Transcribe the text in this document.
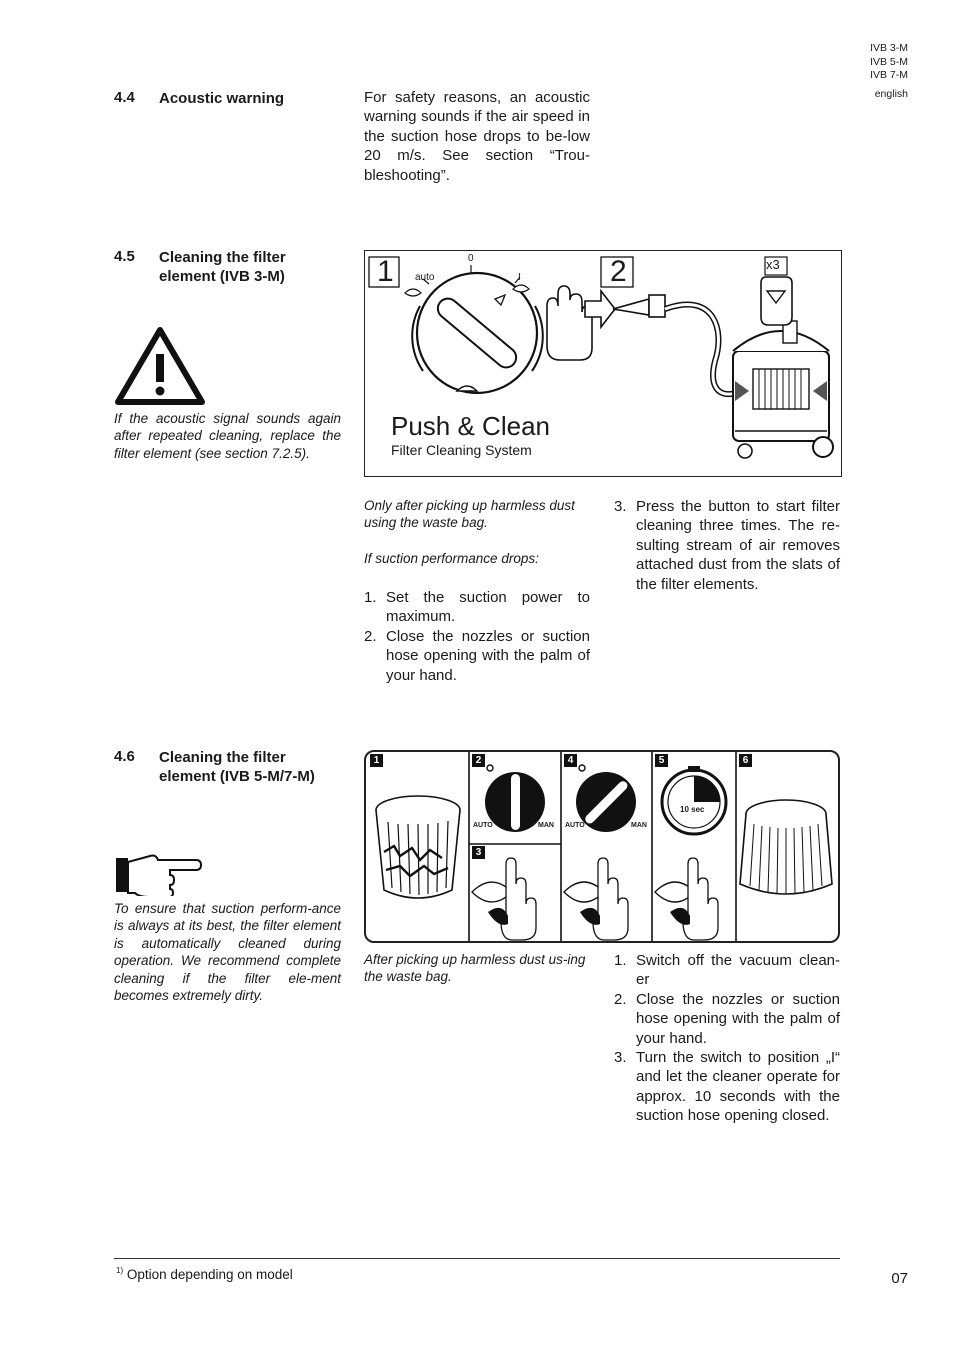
IVB 3-M
IVB 5-M
IVB 7-M
english
4.4 Acoustic warning	For safety reasons, an acoustic warning sounds if the air speed in the suction hose drops to be-low 20 m/s. See section “Trou-bleshooting”.
4.5 Cleaning the filter element (IVB 3-M)
If the acoustic signal sounds again after repeated cleaning, replace the filter element (see section 7.2.5).
1	2
0
auto	I
x3
Push & Clean
Filter Cleaning System
Only after picking up harmless dust using the waste bag.
If suction performance drops:
1. Set the suction power to maximum.
2. Close the nozzles or suction hose opening with the palm of your hand.
3. Press the button to start filter cleaning three times. The re-sulting stream of air removes attached dust from the slats of the filter elements.
4.6 Cleaning the filter element (IVB 5-M/7-M)
To ensure that suction perform-ance is always at its best, the filter element is automatically cleaned during operation. We recommend complete cleaning if the filter ele-ment becomes extremely dirty.
1	2
3
4	5	6
AUTO	MAN AUTO	MAN
10 sec
After picking up harmless dust us-ing the waste bag.
1. Switch off the vacuum clean-er
2. Close the nozzles or suction hose opening with the palm of your hand.
3. Turn the switch to position „I“ and let the cleaner operate for approx. 10 seconds with the suction hose opening closed.
$^{1)}$ Option depending on model	07
